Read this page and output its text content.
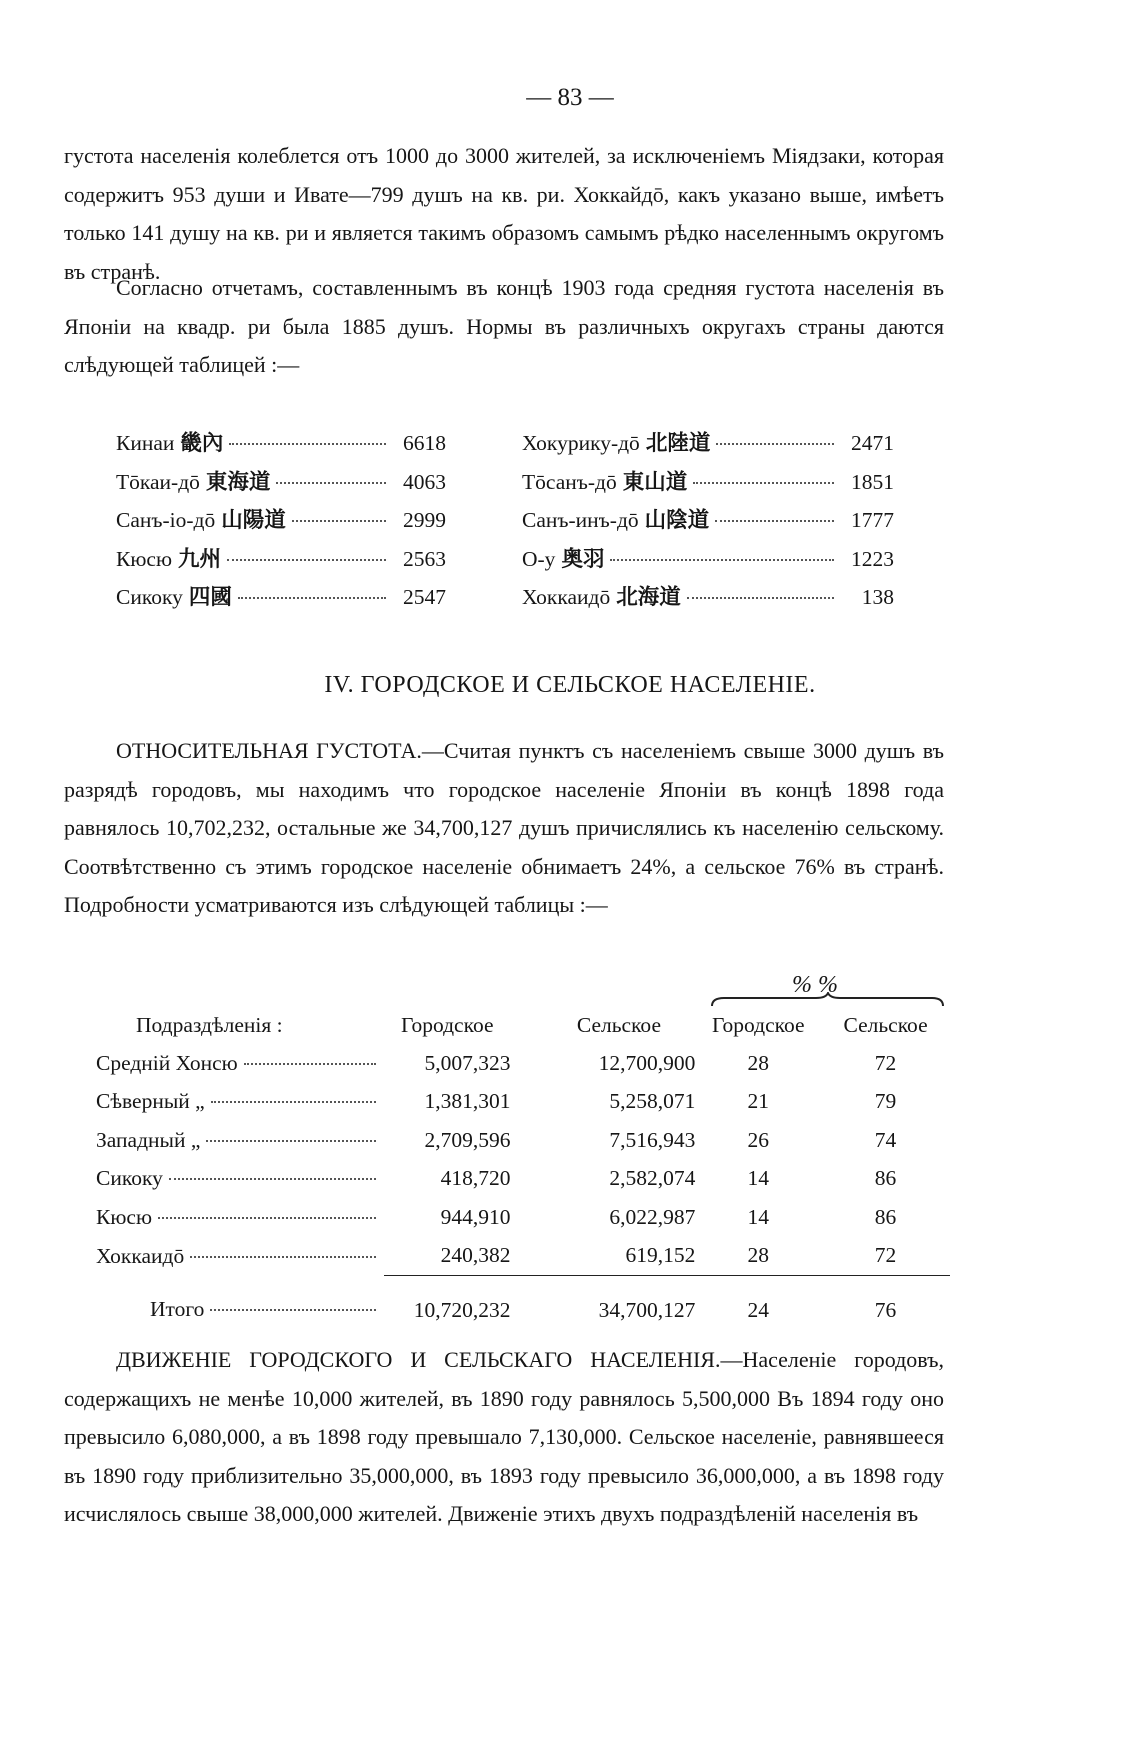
— 83 —

густота населенія колеблется отъ 1000 до 3000 жителей, за исключеніемъ Міядзаки, которая содержитъ 953 души и Ивате—799 душъ на кв. ри. Хоккайдō, какъ указано выше, имѣетъ только 141 душу на кв. ри и является такимъ образомъ самымъ рѣдко населеннымъ округомъ въ странѣ.

Согласно отчетамъ, составленнымъ въ концѣ 1903 года средняя густота населенія въ Японіи на квадр. ри была 1885 душъ. Нормы въ различныхъ округахъ страны даются слѣдующей таблицей :—

Кинаи 畿內	6618
Тōкаи-дō 東海道	4063
Санъ-іо-дō 山陽道	2999
Кюсю 九州	2563
Сикоку 四國	2547
Хокурику-дō 北陸道	2471
Тōсанъ-дō 東山道	1851
Санъ-инъ-дō 山陰道	1777
О-у 奥羽	1223
Хоккаидō 北海道	138
IV. ГОРОДСКОЕ И СЕЛЬСКОЕ НАСЕЛЕНІЕ.

ОТНОСИТЕЛЬНАЯ ГУСТОТА.—Считая пунктъ съ населеніемъ свыше 3000 душъ въ разрядѣ городовъ, мы находимъ что городское населеніе Японіи въ концѣ 1898 года равнялось 10,702,232, остальные же 34,700,127 душъ причислялись къ населенію сельскому. Соотвѣтственно съ этимъ городское населеніе обнимаетъ 24%, а сельское 76% въ странѣ. Подробности усматриваются изъ слѣдующей таблицы :—

% %
Подраздѣленія :	Городское	Сельское	Городское	Сельское

Среднiй Хонсю	5,007,323	12,700,900	28	72

Сѣверный „	1,381,301	5,258,071	21	79

Западный „	2,709,596	7,516,943	26	74

Сикоку	418,720	2,582,074	14	86

Кюсю	944,910	6,022,987	14	86

Хоккаидō	240,382	619,152	28	72

Итого	10,720,232	34,700,127	24	76

ДВИЖЕНІЕ ГОРОДСКОГО И СЕЛЬСКАГО НАСЕЛЕНІЯ.—Населеніе городовъ, содержащихъ не менѣе 10,000 жителей, въ 1890 году равнялось 5,500,000 Въ 1894 году оно превысило 6,080,000, а въ 1898 году превышало 7,130,000. Сельское населеніе, равнявшееся въ 1890 году приблизительно 35,000,000, въ 1893 году превысило 36,000,000, а въ 1898 году исчислялось свыше 38,000,000 жителей. Движеніе этихъ двухъ подраздѣленій населенія въ
